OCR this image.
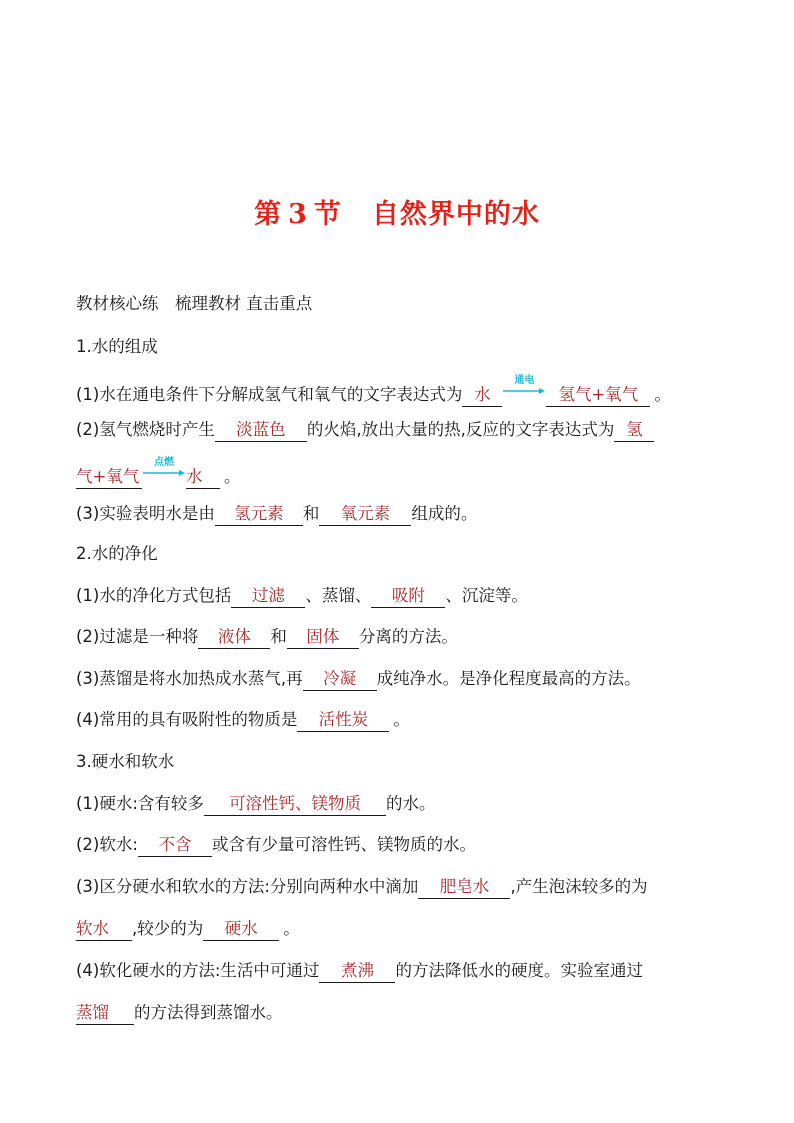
第 3 节 自然界中的水
教材核心练　梳理教材 直击重点
1.水的组成
(1)水在通电条件下分解成氢气和氧气的文字表达式为 水
通电
氢气+氧气 。
(2)氢气燃烧时产生 淡蓝色 的火焰,放出大量的热,反应的文字表达式为 氢
气+氧气
点燃
水 。
(3)实验表明水是由 氢元素 和 氧元素 组成的。
2.水的净化
(1)水的净化方式包括 过滤 、蒸馏、 吸附 、沉淀等。
(2)过滤是一种将 液体 和 固体 分离的方法。
(3)蒸馏是将水加热成水蒸气,再 冷凝 成纯净水。是净化程度最高的方法。
(4)常用的具有吸附性的物质是 活性炭 。
3.硬水和软水
(1)硬水:含有较多 可溶性钙、镁物质 的水。
(2)软水: 不含 或含有少量可溶性钙、镁物质的水。
(3)区分硬水和软水的方法:分别向两种水中滴加 肥皂水 ,产生泡沫较多的为
软水 ,较少的为 硬水 。
(4)软化硬水的方法:生活中可通过 煮沸 的方法降低水的硬度。实验室通过
蒸馏 的方法得到蒸馏水。
